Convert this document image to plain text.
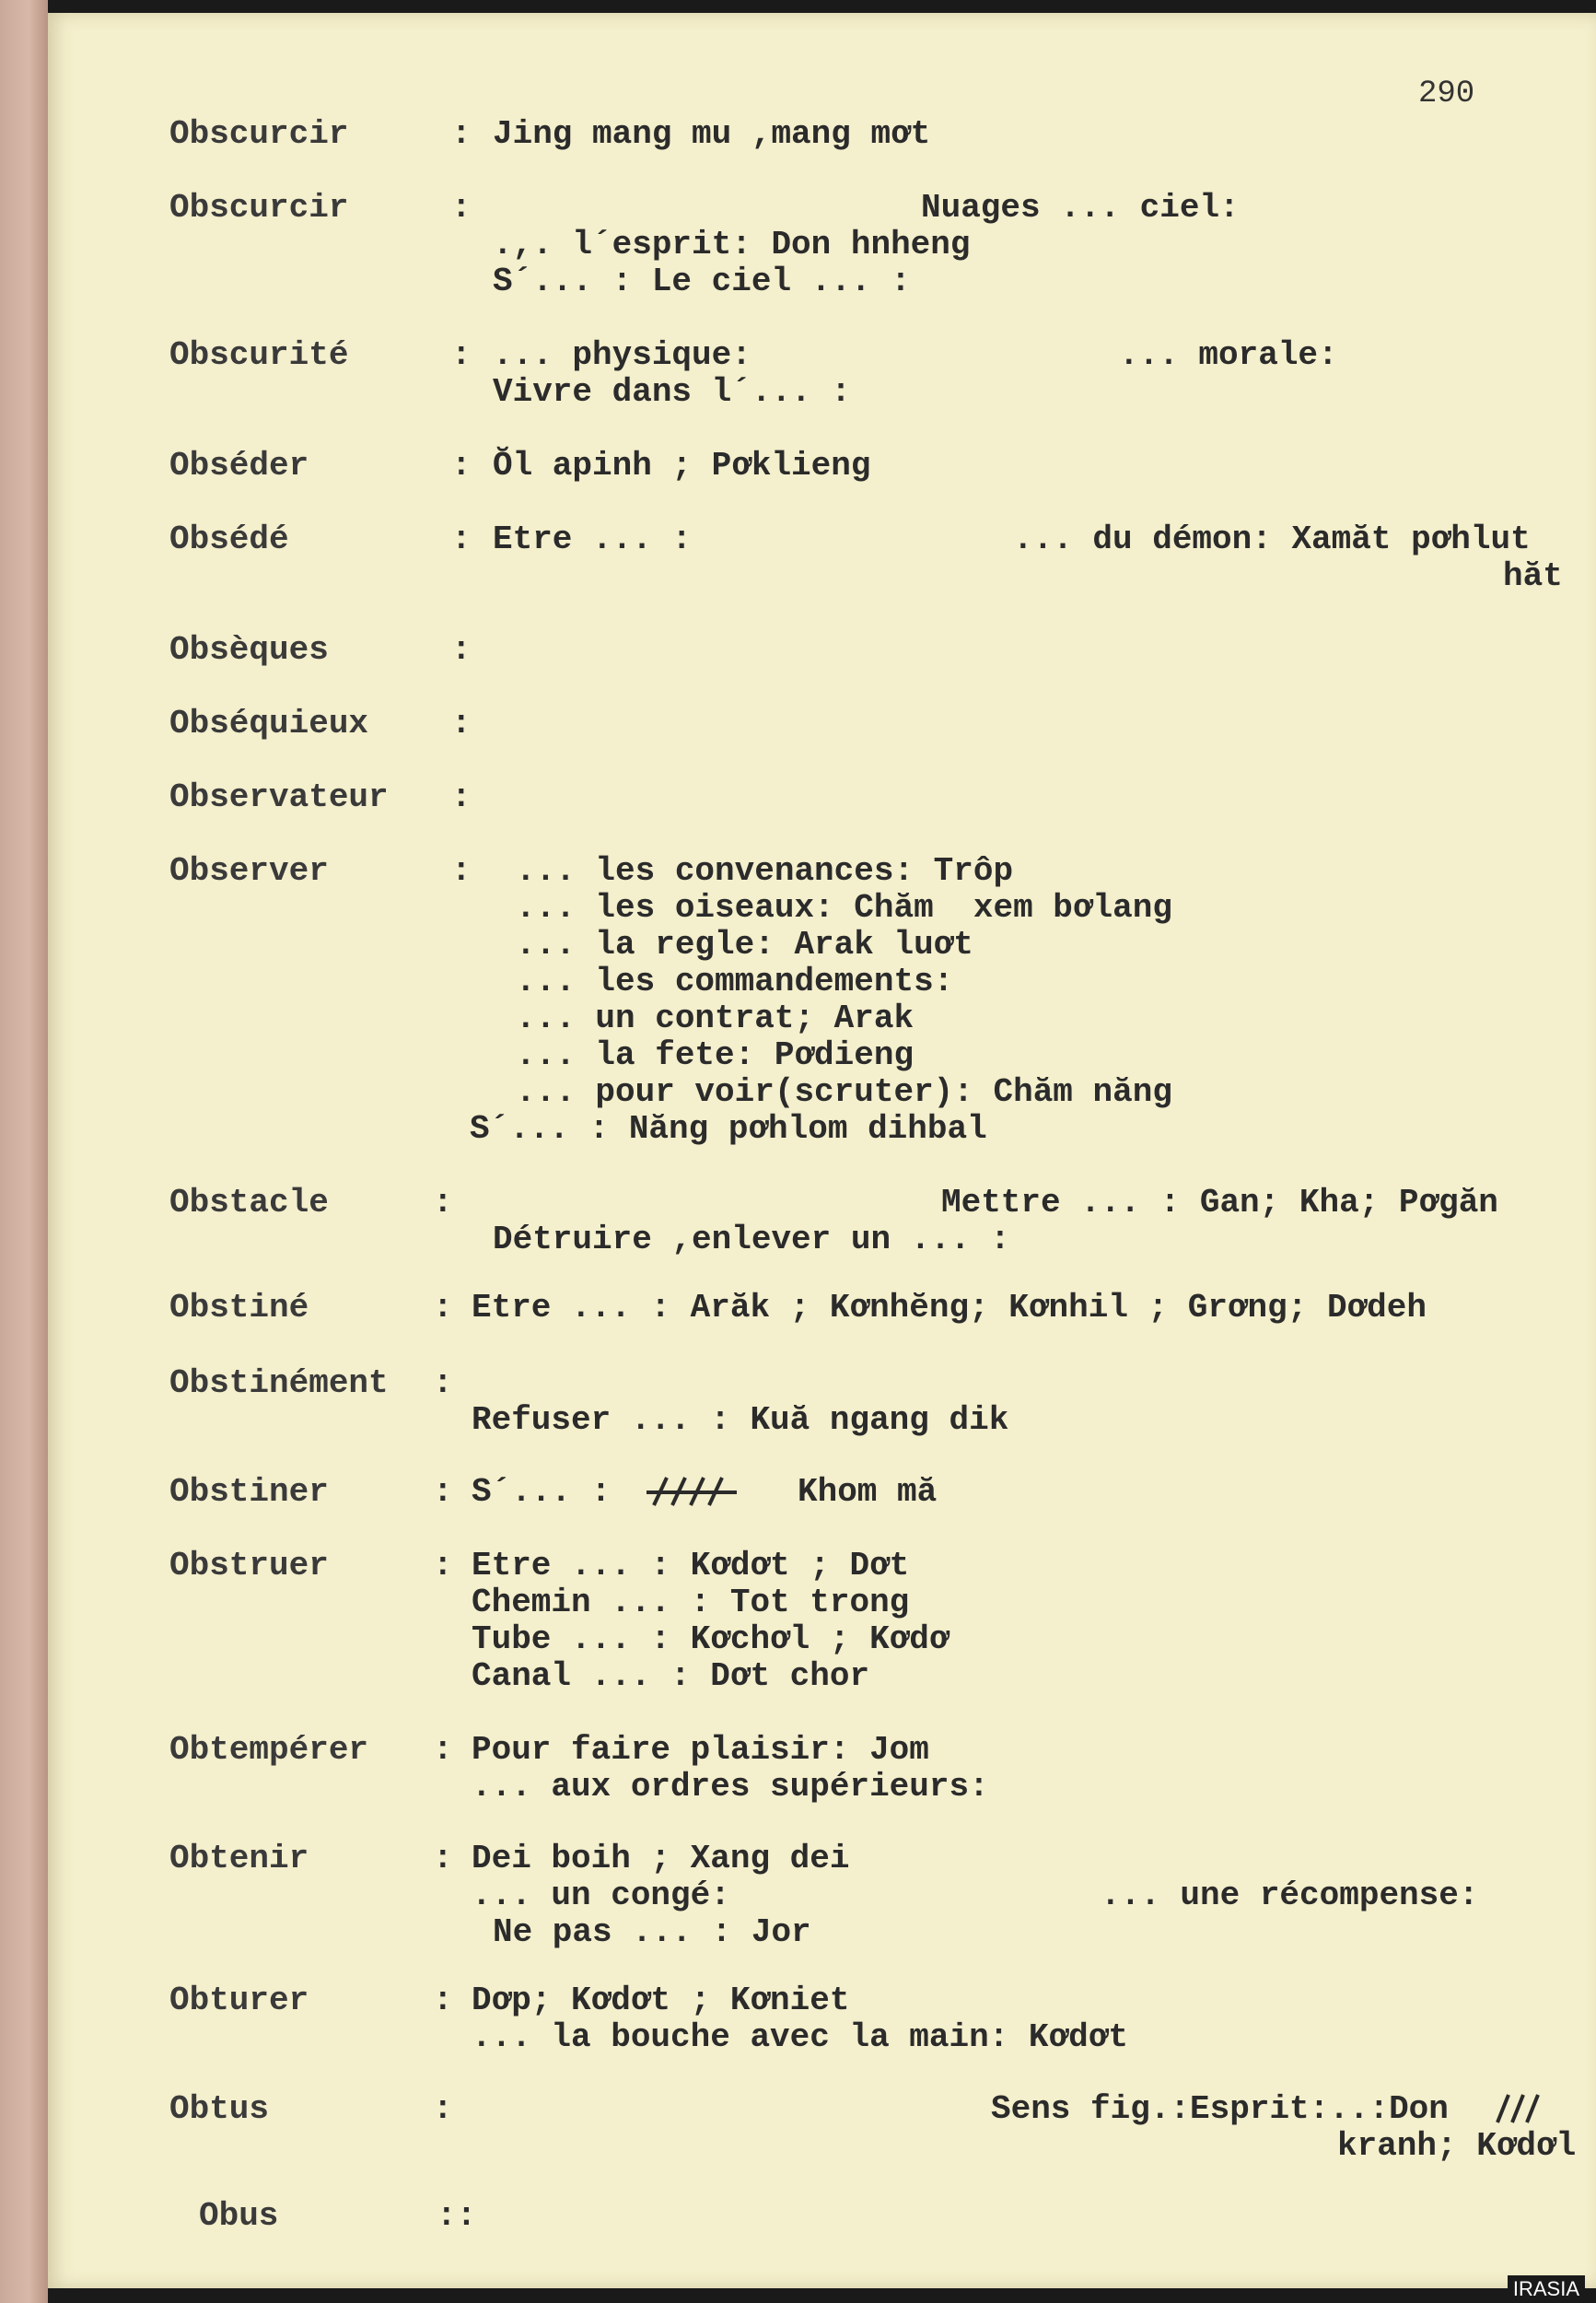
290
Obscurcir	: Jing mang mu ,mang mơt
Obscurcir	:	Nuages ... ciel:
.,. l´esprit: Don hnheng
S´... : Le ciel ... :
Obscurité	: ... physique:	... morale:
Vivre dans l´... :
Obséder	: Ŏl apinh ; Pơklieng
Obsédé	: Etre ... :	... du démon: Xamăt pơhlut
hăt
Obsèques	:
Obséquieux :
Observateur :
Observer	: ... les convenances: Trôp
... les oiseaux: Chăm  xem bơlang
... la regle: Arak luơt
... les commandements:
... un contrat; Arak
... la fete: Pơdieng
... pour voir(scruter): Chăm năng
S´... : Năng pơhlom dihbal
Obstacle	:	Mettre ... : Gan; Kha; Pơgăn
Détruire ,enlever un ... :
Obstiné	: Etre ... : Arăk ; Kơnhĕng; Kơnhil ; Grơng; Dơdeh
Obstinément :
Refuser ... : Kuă ngang dik
Obstiner	: S´... :	Khom mă
Obstruer	: Etre ... : Kơdơt ; Dơt
Chemin ... : Tot trong
Tube ... : Kơchơl ; Kơdơ
Canal ... : Dơt chor
Obtempérer : Pour faire plaisir: Jom
... aux ordres supérieurs:
Obtenir	: Dei boih ; Xang dei
... un congé:	... une récompense:
Ne pas ... : Jor
Obturer	: Dơp; Kơdơt ; Kơniet
... la bouche avec la main: Kơdơt
Obtus	:	Sens fig.:Esprit:..:Don
kranh; Kơdơl
Obus	::
IRASIA
